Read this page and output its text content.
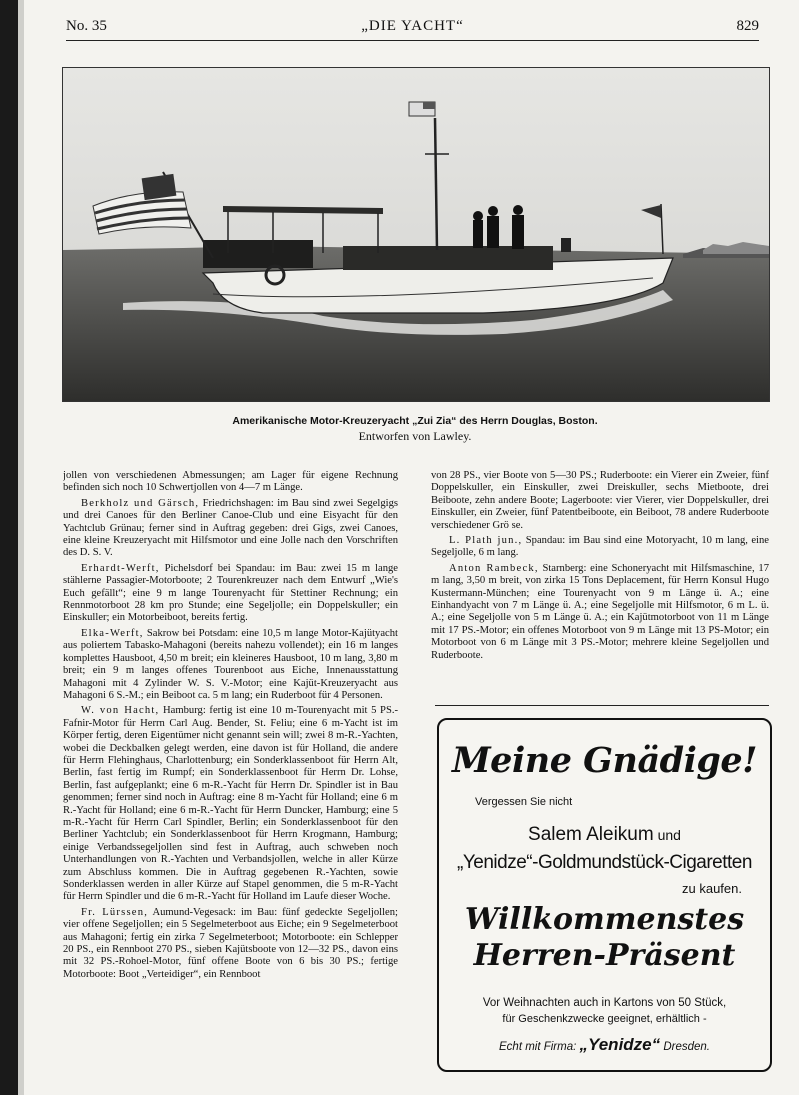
No. 35	„DIE YACHT“	829
Amerikanische Motor-Kreuzeryacht „Zui Zia“ des Herrn Douglas, Boston.
Entworfen von Lawley.

jollen von verschiedenen Abmessungen; am Lager für eigene Rechnung befinden sich noch 10 Schwertjollen von 4—7 m Länge.

Berkholz und Gärsch, Friedrichshagen: im Bau sind zwei Segelgigs und drei Canoes für den Berliner Canoe-Club und eine Eisyacht für den Yachtclub Grünau; ferner sind in Auftrag gegeben: drei Gigs, zwei Canoes, eine kleine Kreuzeryacht mit Hilfsmotor und eine Jolle nach den Vorschriften des D. S. V.

Erhardt-Werft, Pichelsdorf bei Spandau: im Bau: zwei 15 m lange stählerne Passagier-Motorboote; 2 Tourenkreuzer nach dem Entwurf „Wie's Euch gefällt“; eine 9 m lange Tourenyacht für Stettiner Rechnung; ein Rennmotorboot 28 km pro Stunde; eine Segeljolle; ein Doppelskuller; ein Einskuller; ein Motorbeiboot, bereits fertig.

Elka-Werft, Sakrow bei Potsdam: eine 10,5 m lange Motor-Kajütyacht aus poliertem Tabasko-Mahagoni (bereits nahezu vollendet); ein 16 m langes komplettes Hausboot, 4,50 m breit; ein kleineres Hausboot, 10 m lang, 3,80 m breit; ein 9 m langes offenes Tourenboot aus Eiche, Innenausstattung Mahagoni mit 4 Zylinder W. S. V.-Motor; eine Kajüt-Kreuzeryacht aus Mahagoni 6 S.-M.; ein Beiboot ca. 5 m lang; ein Ruderboot für 4 Personen.

W. von Hacht, Hamburg: fertig ist eine 10 m-Tourenyacht mit 5 PS.-Fafnir-Motor für Herrn Carl Aug. Bender, St. Feliu; eine 6 m-Yacht ist im Körper fertig, deren Eigentümer nicht genannt sein will; zwei 8 m-R.-Yachten, wobei die Deckbalken gelegt werden, eine davon ist für Holland, die andere für Herrn Flehinghaus, Charlottenburg; ein Sonderklassenboot für Herrn Alt, Berlin, fast fertig im Rumpf; ein Sonderklassenboot für Herrn Dr. Lohse, Berlin, fast aufgeplankt; eine 6 m-R.-Yacht für Herrn Dr. Spindler ist in Bau genommen; ferner sind noch in Auftrag: eine 8 m-Yacht für Holland; eine 6 m R.-Yacht für Holland; eine 6 m-R.-Yacht für Herrn Duncker, Hamburg; eine 5 m-R.-Yacht für Herrn Carl Spindler, Berlin; ein Sonderklassenboot für den Berliner Yachtclub; ein Sonderklassenboot für Herrn Krogmann, Hamburg; einige Verbandssegeljollen sind fest in Auftrag, auch schweben noch Unterhandlungen von R.-Yachten und Verbandsjollen, welche in aller Kürze zum Abschluss kommen. Die in Auftrag gegebenen R.-Yachten, sowie Sonderklassen werden in aller Kürze auf Stapel genommen, die 5 m-R-Yacht für Herrn Spindler und die 6 m-R.-Yacht für Holland im Laufe dieser Woche.

Fr. Lürssen, Aumund-Vegesack: im Bau: fünf gedeckte Segeljollen; vier offene Segeljollen; ein 5 Segelmeterboot aus Eiche; ein 9 Segelmeterboot aus Mahagoni; fertig ein zirka 7 Segelmeterboot; Motorboote: ein Schlepper 20 PS., ein Rennboot 270 PS., sieben Kajütsboote von 12—32 PS., davon eins mit 32 PS.-Rohoel-Motor, fünf offene Boote von 6 bis 30 PS.; fertige Motorboote: Boot „Verteidiger“, ein Rennboot

von 28 PS., vier Boote von 5—30 PS.; Ruderboote: ein Vierer ein Zweier, fünf Doppelskuller, ein Einskuller, zwei Dreiskuller, sechs Mietboote, drei Beiboote, zehn andere Boote; Lagerboote: vier Vierer, vier Doppelskuller, drei Einskuller, ein Zweier, fünf Patentbeiboote, ein Beiboot, 78 andere Ruderboote verschiedener Grö se.

L. Plath jun., Spandau: im Bau sind eine Motoryacht, 10 m lang, eine Segeljolle, 6 m lang.

Anton Rambeck, Starnberg: eine Schoneryacht mit Hilfsmaschine, 17 m lang, 3,50 m breit, von zirka 15 Tons Deplacement, für Herrn Konsul Hugo Kustermann-München; eine Tourenyacht von 9 m Länge ü. A.; eine Einhandyacht von 7 m Länge ü. A.; eine Segeljolle mit Hilfsmotor, 6 m L. ü. A.; eine Segeljolle von 5 m Länge ü. A.; ein Kajütmotorboot von 11 m Länge mit 17 PS.-Motor; ein offenes Motorboot von 9 m Länge mit 13 PS-Motor; ein Motorboot von 6 m Länge mit 3 PS.-Motor; mehrere kleine Segeljollen und Ruderboote.

Meine Gnädige!
Vergessen Sie nicht
Salem Aleikum und
„Yenidze“-Goldmundstück-Cigaretten
zu kaufen.
Willkommenstes
Herren-Präsent
Vor Weihnachten auch in Kartons von 50 Stück,
für Geschenkzwecke geeignet, erhältlich -
Echt mit Firma: „Yenidze“ Dresden.
